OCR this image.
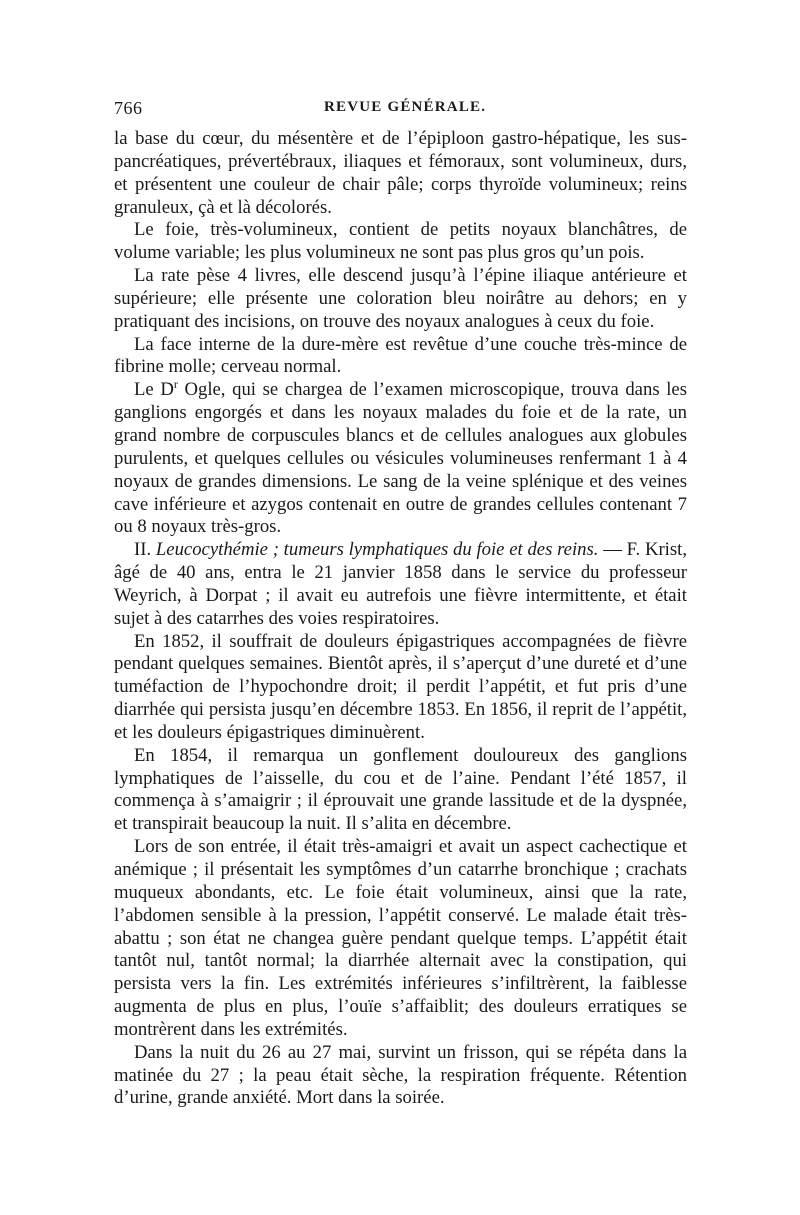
766	REVUE GÉNÉRALE.

la base du cœur, du mésentère et de l’épiploon gastro-hépatique, les sus-pancréatiques, prévertébraux, iliaques et fémoraux, sont volumineux, durs, et présentent une couleur de chair pâle; corps thyroïde volumineux; reins granuleux, çà et là décolorés.

Le foie, très-volumineux, contient de petits noyaux blanchâtres, de volume variable; les plus volumineux ne sont pas plus gros qu’un pois.

La rate pèse 4 livres, elle descend jusqu’à l’épine iliaque antérieure et supérieure; elle présente une coloration bleu noirâtre au dehors; en y pratiquant des incisions, on trouve des noyaux analogues à ceux du foie.

La face interne de la dure-mère est revêtue d’une couche très-mince de fibrine molle; cerveau normal.

Le $D^r$ Ogle, qui se chargea de l’examen microscopique, trouva dans les ganglions engorgés et dans les noyaux malades du foie et de la rate, un grand nombre de corpuscules blancs et de cellules analogues aux globules purulents, et quelques cellules ou vésicules volumineuses renfermant 1 à 4 noyaux de grandes dimensions. Le sang de la veine splénique et des veines cave inférieure et azygos contenait en outre de grandes cellules contenant 7 ou 8 noyaux très-gros.

II. Leucocythémie ; tumeurs lymphatiques du foie et des reins. — F. Krist, âgé de 40 ans, entra le 21 janvier 1858 dans le service du professeur Weyrich, à Dorpat ; il avait eu autrefois une fièvre intermittente, et était sujet à des catarrhes des voies respiratoires.

En 1852, il souffrait de douleurs épigastriques accompagnées de fièvre pendant quelques semaines. Bientôt après, il s’aperçut d’une dureté et d’une tuméfaction de l’hypochondre droit; il perdit l’appétit, et fut pris d’une diarrhée qui persista jusqu’en décembre 1853. En 1856, il reprit de l’appétit, et les douleurs épigastriques diminuèrent.

En 1854, il remarqua un gonflement douloureux des ganglions lymphatiques de l’aisselle, du cou et de l’aine. Pendant l’été 1857, il commença à s’amaigrir ; il éprouvait une grande lassitude et de la dyspnée, et transpirait beaucoup la nuit. Il s’alita en décembre.

Lors de son entrée, il était très-amaigri et avait un aspect cachectique et anémique ; il présentait les symptômes d’un catarrhe bronchique ; crachats muqueux abondants, etc. Le foie était volumineux, ainsi que la rate, l’abdomen sensible à la pression, l’appétit conservé. Le malade était très-abattu ; son état ne changea guère pendant quelque temps. L’appétit était tantôt nul, tantôt normal; la diarrhée alternait avec la constipation, qui persista vers la fin. Les extrémités inférieures s’infiltrèrent, la faiblesse augmenta de plus en plus, l’ouïe s’affaiblit; des douleurs erratiques se montrèrent dans les extrémités.

Dans la nuit du 26 au 27 mai, survint un frisson, qui se répéta dans la matinée du 27 ; la peau était sèche, la respiration fréquente. Rétention d’urine, grande anxiété. Mort dans la soirée.
